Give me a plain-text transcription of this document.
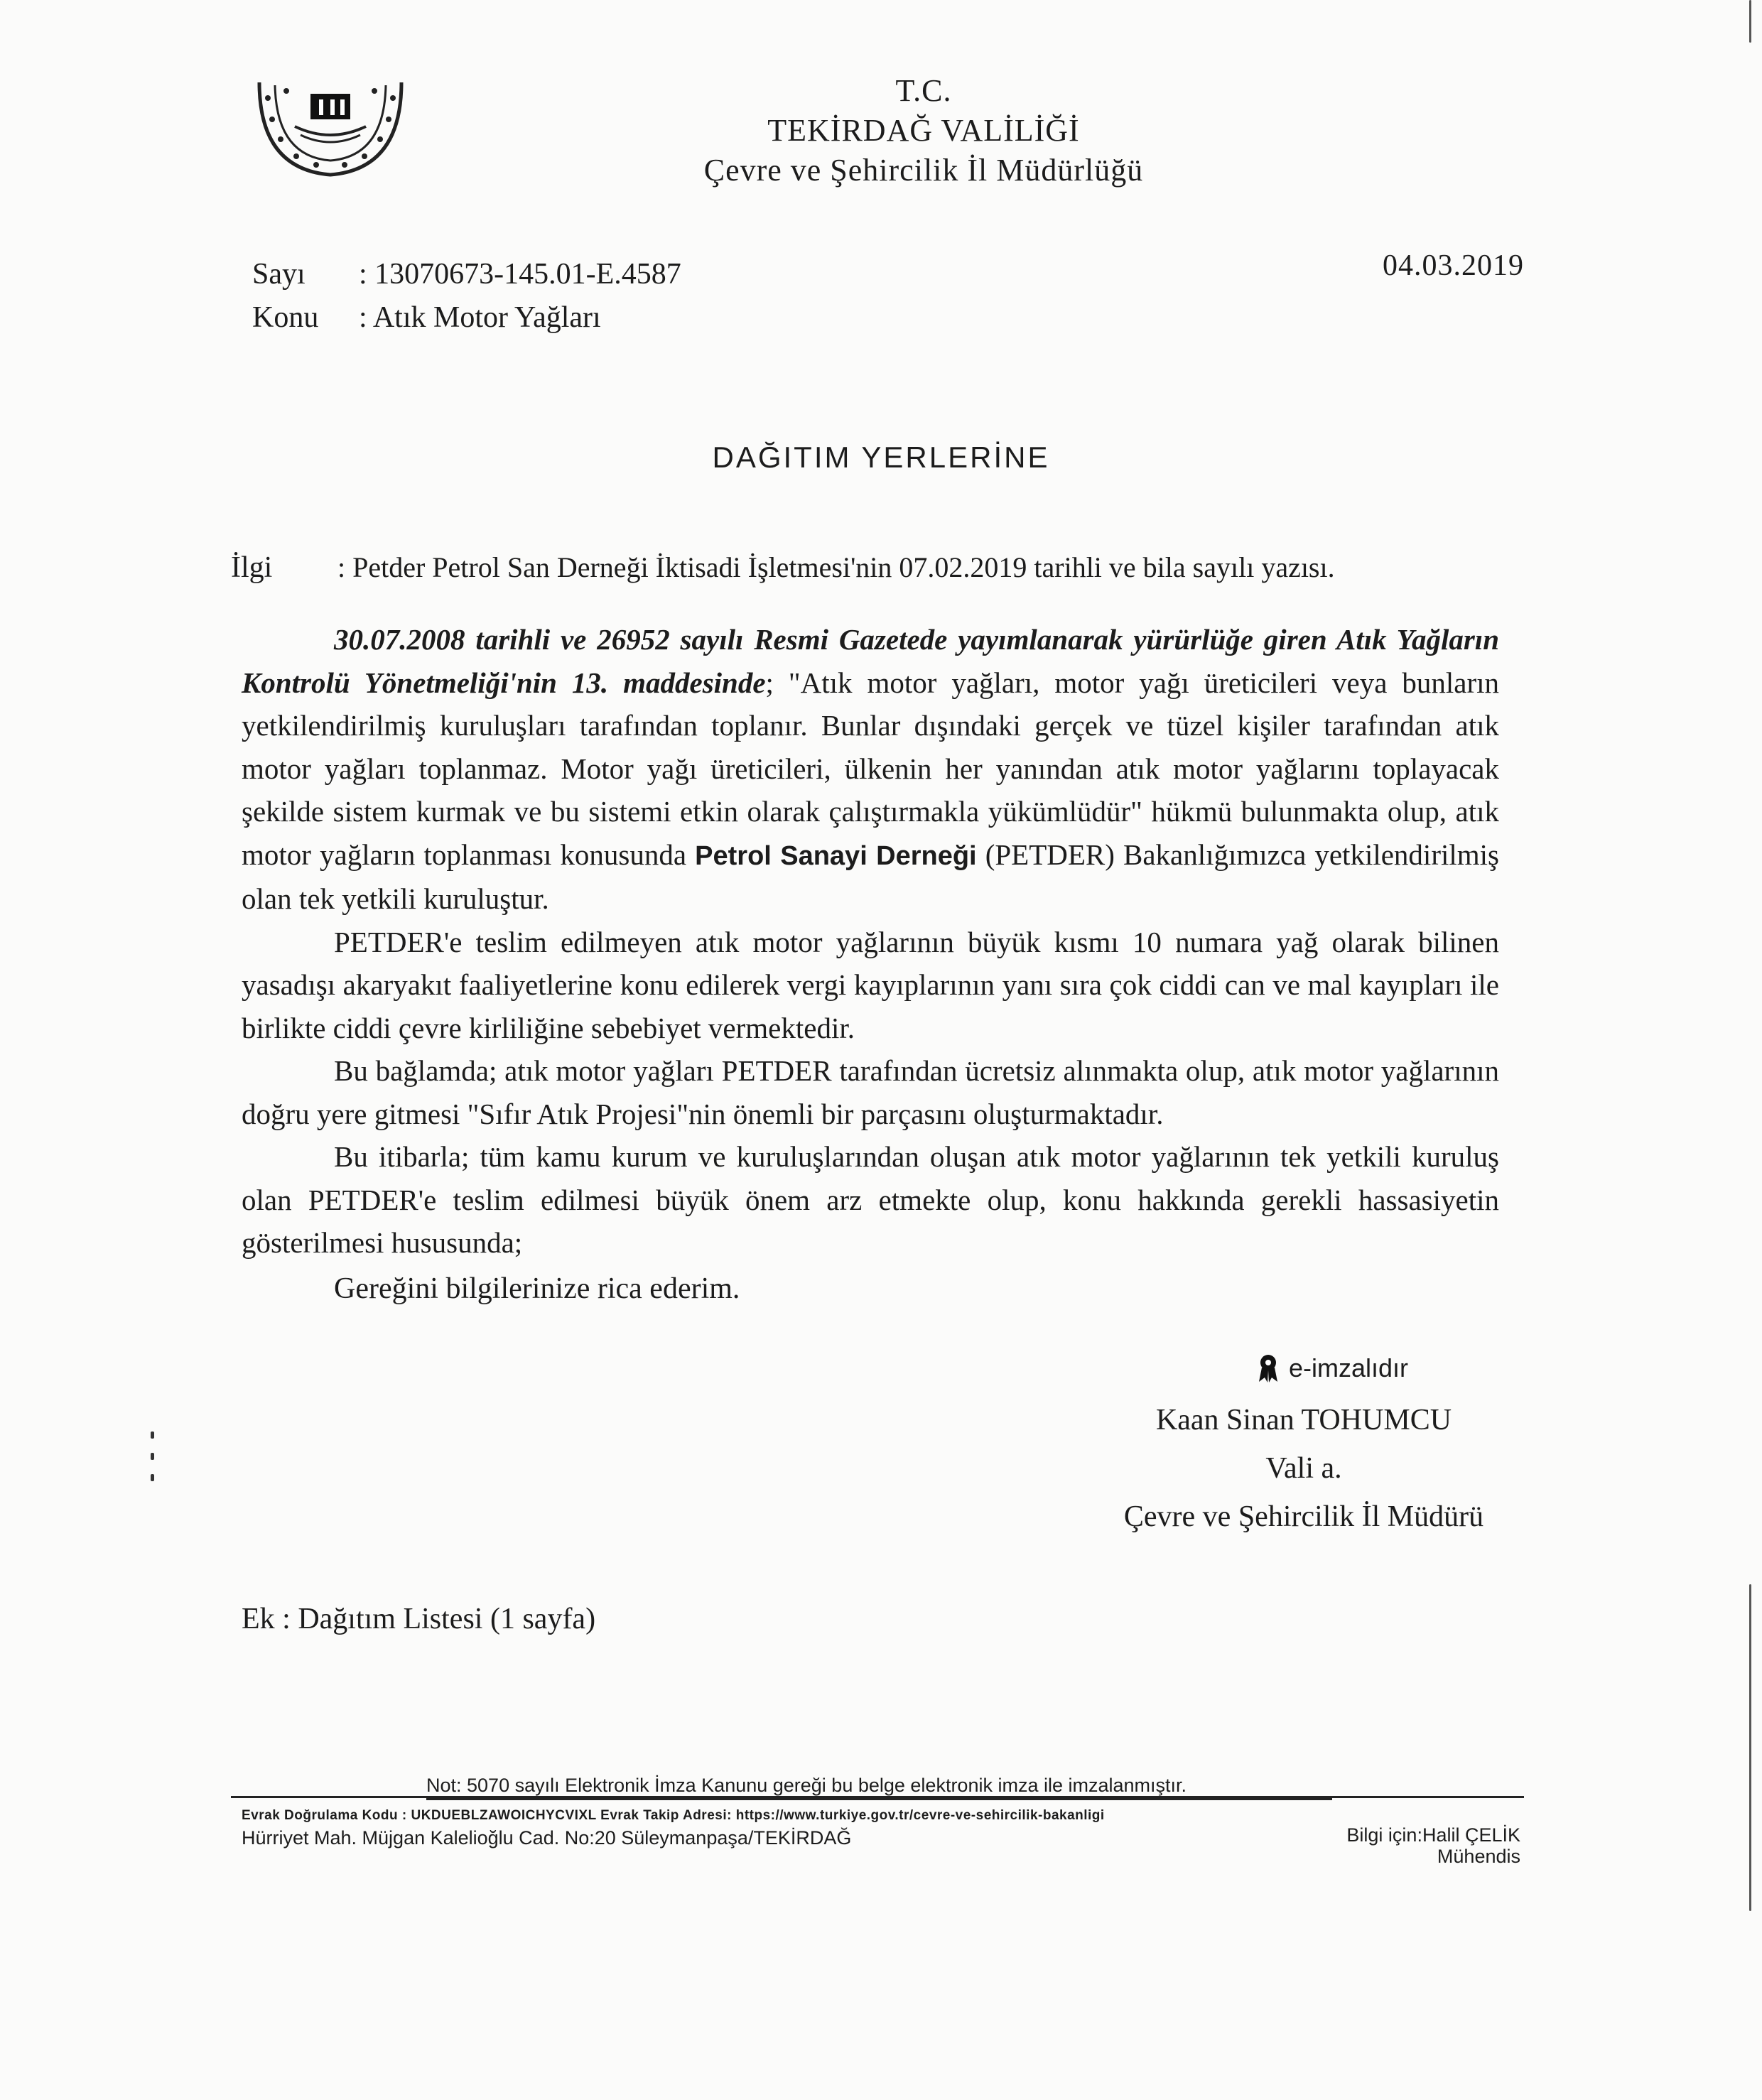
T.C.
TEKİRDAĞ VALİLİĞİ
Çevre ve Şehircilik İl Müdürlüğü
Sayı : 13070673-145.01-E.4587
Konu : Atık Motor Yağları
04.03.2019
DAĞITIM YERLERİNE
İlgi : Petder Petrol San Derneği İktisadi İşletmesi'nin 07.02.2019 tarihli ve bila sayılı yazısı.

30.07.2008 tarihli ve 26952 sayılı Resmi Gazetede yayımlanarak yürürlüğe giren Atık Yağların Kontrolü Yönetmeliği'nin 13. maddesinde; "Atık motor yağları, motor yağı üreticileri veya bunların yetkilendirilmiş kuruluşları tarafından toplanır. Bunlar dışındaki gerçek ve tüzel kişiler tarafından atık motor yağları toplanmaz. Motor yağı üreticileri, ülkenin her yanından atık motor yağlarını toplayacak şekilde sistem kurmak ve bu sistemi etkin olarak çalıştırmakla yükümlüdür" hükmü bulunmakta olup, atık motor yağların toplanması konusunda Petrol Sanayi Derneği (PETDER) Bakanlığımızca yetkilendirilmiş olan tek yetkili kuruluştur.

PETDER'e teslim edilmeyen atık motor yağlarının büyük kısmı 10 numara yağ olarak bilinen yasadışı akaryakıt faaliyetlerine konu edilerek vergi kayıplarının yanı sıra çok ciddi can ve mal kayıpları ile birlikte ciddi çevre kirliliğine sebebiyet vermektedir.

Bu bağlamda; atık motor yağları PETDER tarafından ücretsiz alınmakta olup, atık motor yağlarının doğru yere gitmesi "Sıfır Atık Projesi"nin önemli bir parçasını oluşturmaktadır.

Bu itibarla; tüm kamu kurum ve kuruluşlarından oluşan atık motor yağlarının tek yetkili kuruluş olan PETDER'e teslim edilmesi büyük önem arz etmekte olup, konu hakkında gerekli hassasiyetin gösterilmesi hususunda;

Gereğini bilgilerinize rica ederim.
e-imzalıdır
Kaan Sinan TOHUMCU
Vali a.
Çevre ve Şehircilik İl Müdürü
Ek : Dağıtım Listesi (1 sayfa)
Not: 5070 sayılı Elektronik İmza Kanunu gereği bu belge elektronik imza ile imzalanmıştır.
Evrak Doğrulama Kodu : UKDUEBLZAWOICHYCVIXL Evrak Takip Adresi: https://www.turkiye.gov.tr/cevre-ve-sehircilik-bakanligi
Hürriyet Mah. Müjgan Kalelioğlu Cad. No:20 Süleymanpaşa/TEKİRDAĞ	Bilgi için:Halil ÇELİK
Mühendis
